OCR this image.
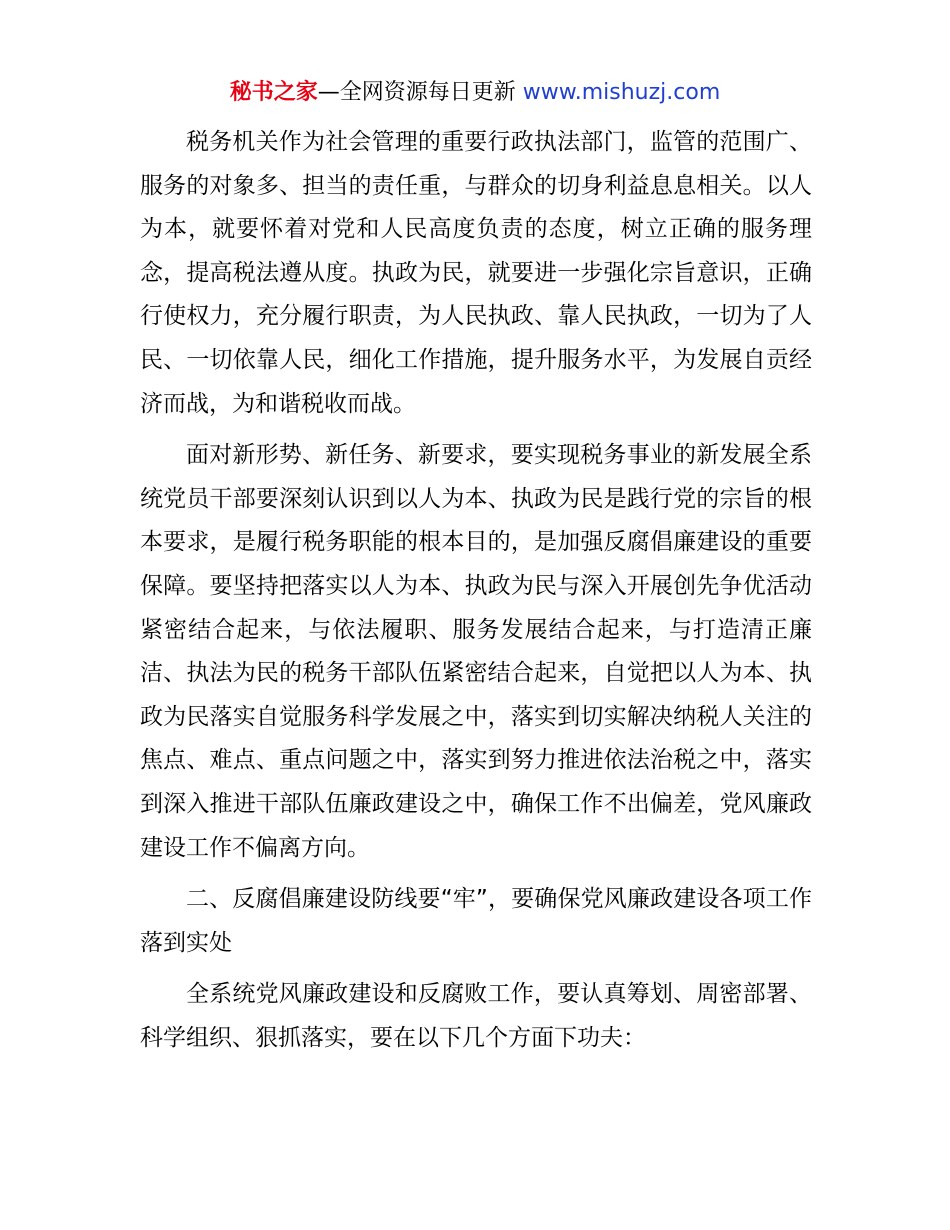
秘书之家—全网资源每日更新 www.mishuzj.com

税务机关作为社会管理的重要行政执法部门，监管的范围广、服务的对象多、担当的责任重，与群众的切身利益息息相关。以人为本，就要怀着对党和人民高度负责的态度，树立正确的服务理念，提高税法遵从度。执政为民，就要进一步强化宗旨意识，正确行使权力，充分履行职责，为人民执政、靠人民执政，一切为了人民、一切依靠人民，细化工作措施，提升服务水平，为发展自贡经济而战，为和谐税收而战。

面对新形势、新任务、新要求，要实现税务事业的新发展全系统党员干部要深刻认识到以人为本、执政为民是践行党的宗旨的根本要求，是履行税务职能的根本目的，是加强反腐倡廉建设的重要保障。要坚持把落实以人为本、执政为民与深入开展创先争优活动紧密结合起来，与依法履职、服务发展结合起来，与打造清正廉洁、执法为民的税务干部队伍紧密结合起来，自觉把以人为本、执政为民落实自觉服务科学发展之中，落实到切实解决纳税人关注的焦点、难点、重点问题之中，落实到努力推进依法治税之中，落实到深入推进干部队伍廉政建设之中，确保工作不出偏差，党风廉政建设工作不偏离方向。

二、反腐倡廉建设防线要“牢”，要确保党风廉政建设各项工作落到实处

全系统党风廉政建设和反腐败工作，要认真筹划、周密部署、科学组织、狠抓落实，要在以下几个方面下功夫：
